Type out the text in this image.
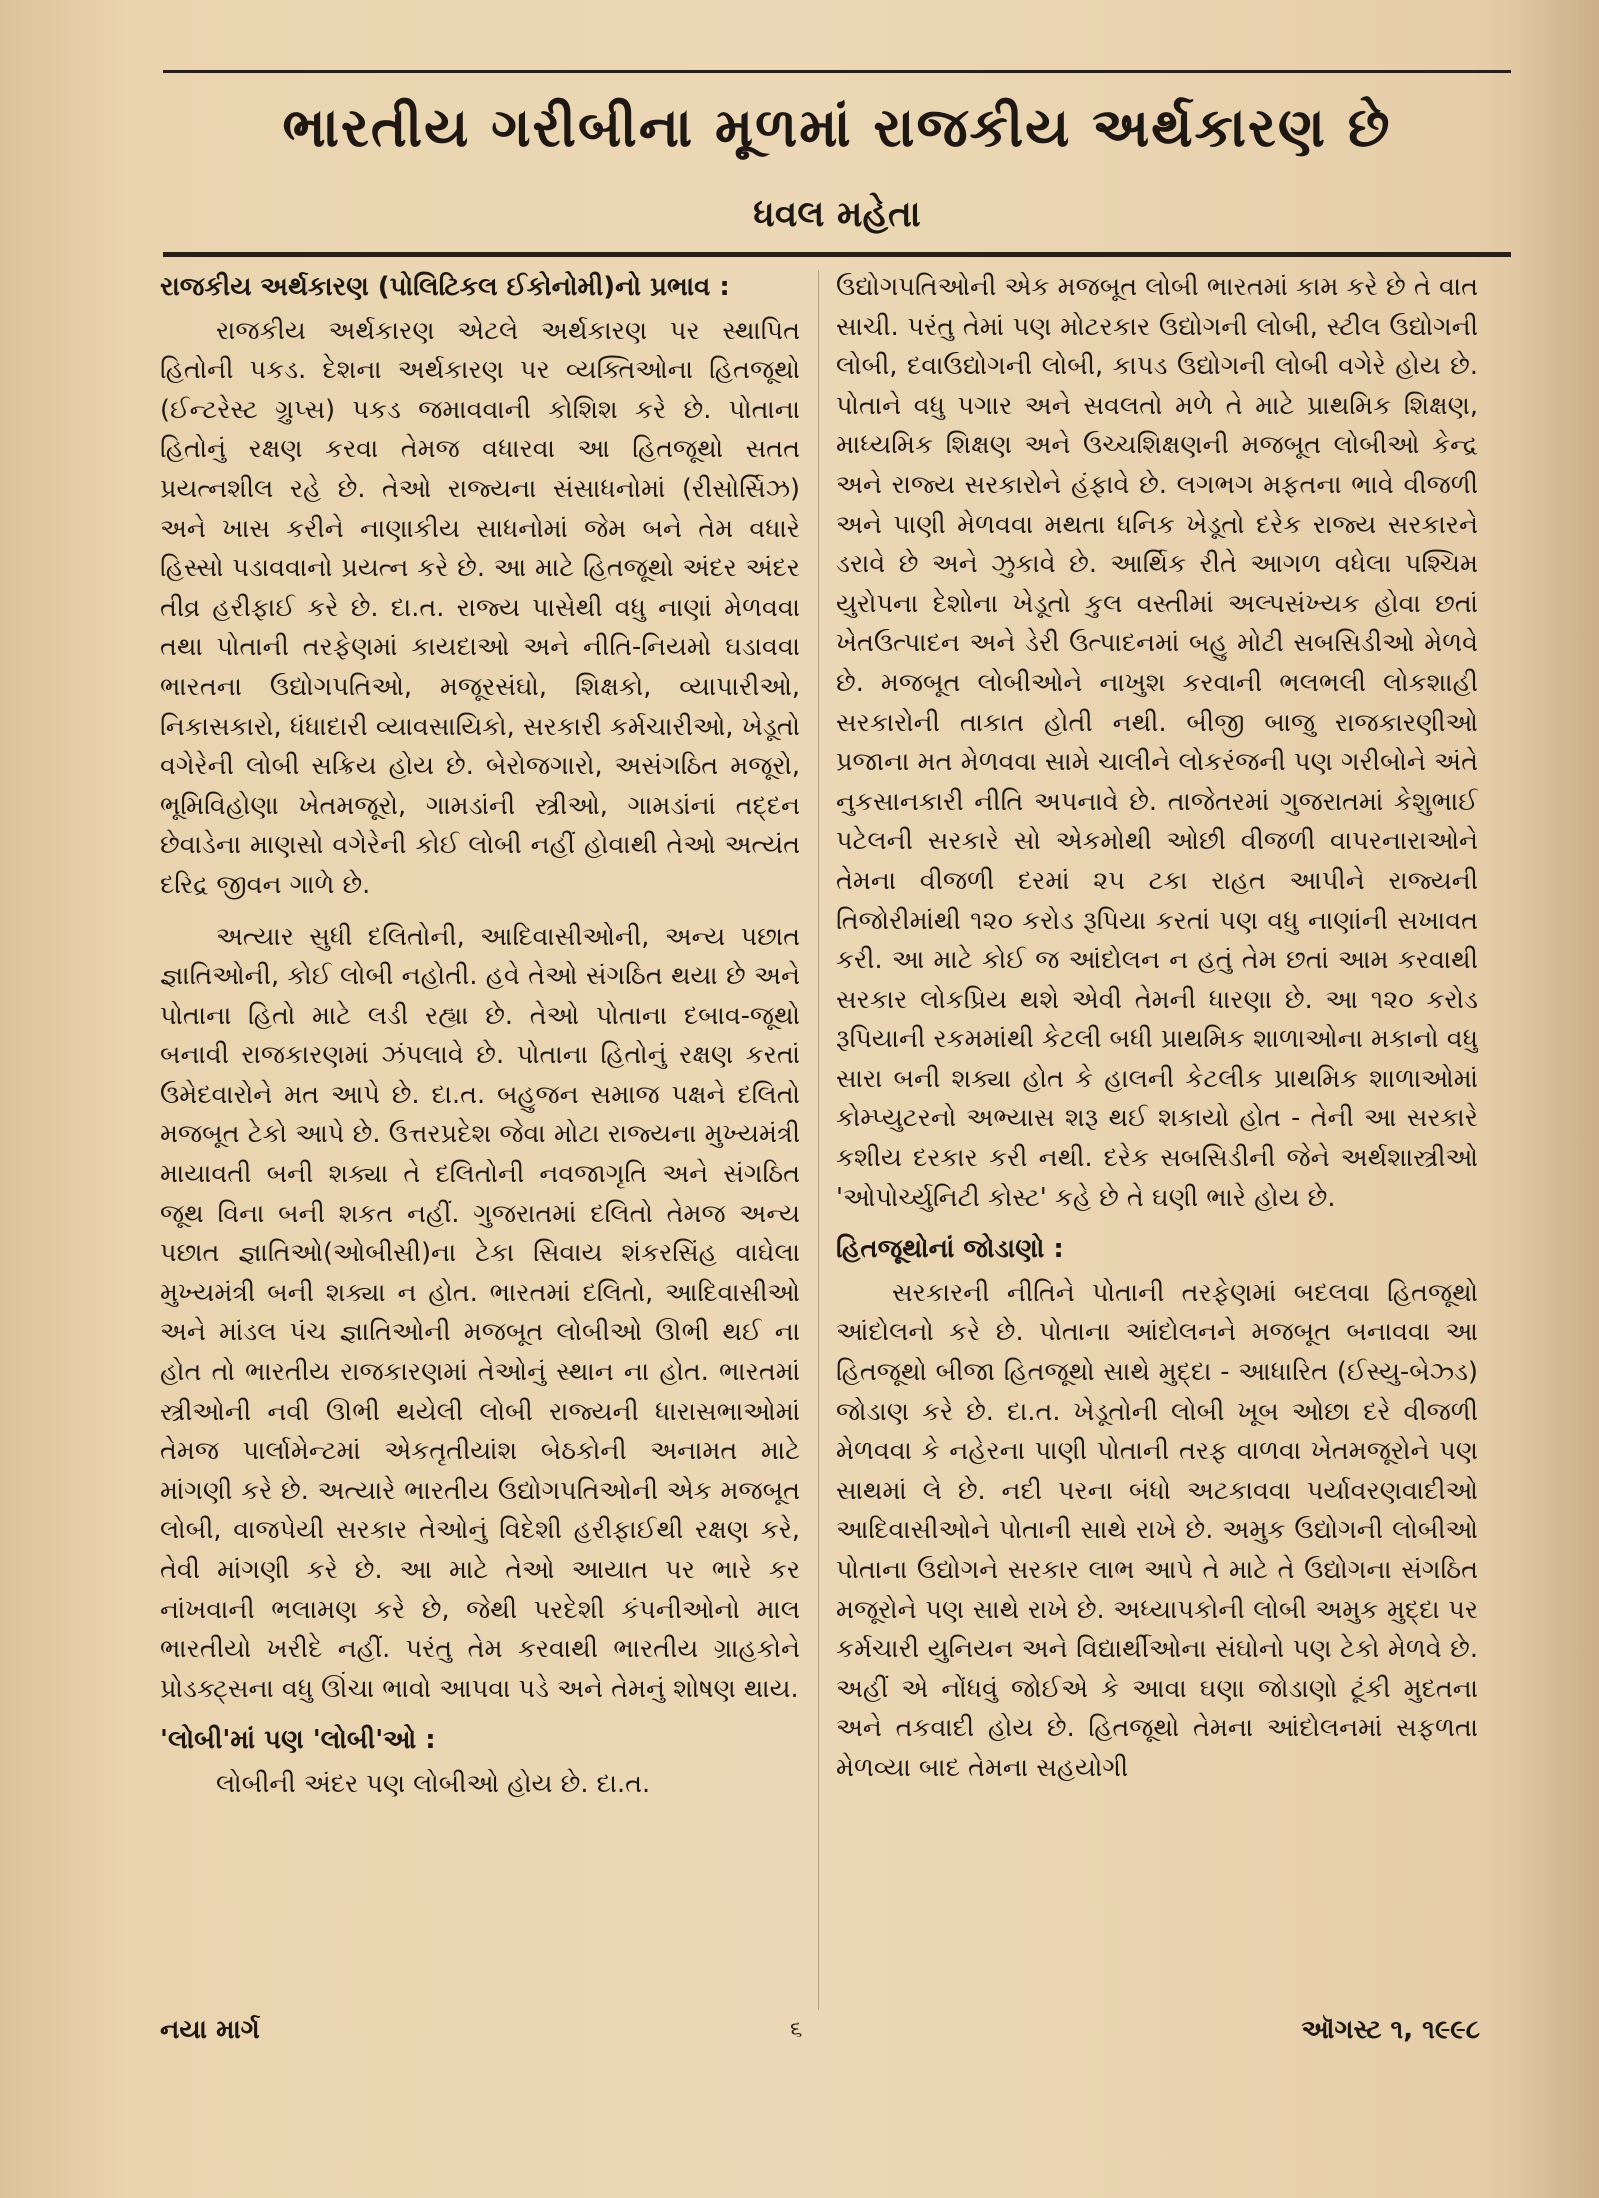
ભારતીય ગરીબીના મૂળમાં રાજકીય અર્થકારણ છે
ધવલ મહેતા

રાજકીય અર્થકારણ (પોલિટિકલ ઈકોનોમી)નો પ્રભાવ :

રાજકીય અર્થકારણ એટલે અર્થકારણ પર સ્થાપિત હિતોની પકડ. દેશના અર્થકારણ પર વ્યક્તિઓના હિતજૂથો (ઈન્ટરેસ્ટ ગ્રુપ્સ) પકડ જમાવવાની કોશિશ કરે છે. પોતાના હિતોનું રક્ષણ કરવા તેમજ વધારવા આ હિતજૂથો સતત પ્રયત્નશીલ રહે છે. તેઓ રાજ્યના સંસાધનોમાં (રીસોર્સિઝ) અને ખાસ કરીને નાણાકીય સાધનોમાં જેમ બને તેમ વધારે હિસ્સો પડાવવાનો પ્રયત્ન કરે છે. આ માટે હિતજૂથો અંદર અંદર તીવ્ર હરીફાઈ કરે છે. દા.ત. રાજ્ય પાસેથી વધુ નાણાં મેળવવા તથા પોતાની તરફેણમાં કાયદાઓ અને નીતિ-નિયમો ઘડાવવા ભારતના ઉદ્યોગપતિઓ, મજૂરસંઘો, શિક્ષકો, વ્યાપારીઓ, નિકાસકારો, ધંધાદારી વ્યાવસાયિકો, સરકારી કર્મચારીઓ, ખેડૂતો વગેરેની લોબી સક્રિય હોય છે. બેરોજગારો, અસંગઠિત મજૂરો, ભૂમિવિહોણા ખેતમજૂરો, ગામડાંની સ્ત્રીઓ, ગામડાંનાં તદ્દન છેવાડેના માણસો વગેરેની કોઈ લોબી નહીં હોવાથી તેઓ અત્યંત દરિદ્ર જીવન ગાળે છે.

અત્યાર સુધી દલિતોની, આદિવાસીઓની, અન્ય પછાત જ્ઞાતિઓની, કોઈ લોબી નહોતી. હવે તેઓ સંગઠિત થયા છે અને પોતાના હિતો માટે લડી રહ્યા છે. તેઓ પોતાના દબાવ-જૂથો બનાવી રાજકારણમાં ઝંપલાવે છે. પોતાના હિતોનું રક્ષણ કરતાં ઉમેદવારોને મત આપે છે. દા.ત. બહુજન સમાજ પક્ષને દલિતો મજબૂત ટેકો આપે છે. ઉત્તરપ્રદેશ જેવા મોટા રાજ્યના મુખ્યમંત્રી માયાવતી બની શક્યા તે દલિતોની નવજાગૃતિ અને સંગઠિત જૂથ વિના બની શકત નહીં. ગુજરાતમાં દલિતો તેમજ અન્ય પછાત જ્ઞાતિઓ(ઓબીસી)ના ટેકા સિવાય શંકરસિંહ વાઘેલા મુખ્યમંત્રી બની શક્યા ન હોત. ભારતમાં દલિતો, આદિવાસીઓ અને માંડલ પંચ જ્ઞાતિઓની મજબૂત લોબીઓ ઊભી થઈ ના હોત તો ભારતીય રાજકારણમાં તેઓનું સ્થાન ના હોત. ભારતમાં સ્ત્રીઓની નવી ઊભી થયેલી લોબી રાજ્યની ધારાસભાઓમાં તેમજ પાર્લામેન્ટમાં એકતૃતીયાંશ બેઠકોની અનામત માટે માંગણી કરે છે. અત્યારે ભારતીય ઉદ્યોગપતિઓની એક મજબૂત લોબી, વાજપેયી સરકાર તેઓનું વિદેશી હરીફાઈથી રક્ષણ કરે, તેવી માંગણી કરે છે. આ માટે તેઓ આયાત પર ભારે કર નાંખવાની ભલામણ કરે છે, જેથી પરદેશી કંપનીઓનો માલ ભારતીયો ખરીદે નહીં. પરંતુ તેમ કરવાથી ભારતીય ગ્રાહકોને પ્રોડક્ટ્સના વધુ ઊંચા ભાવો આપવા પડે અને તેમનું શોષણ થાય.

'લોબી'માં પણ 'લોબી'ઓ :

લોબીની અંદર પણ લોબીઓ હોય છે. દા.ત.

ઉદ્યોગપતિઓની એક મજબૂત લોબી ભારતમાં કામ કરે છે તે વાત સાચી. પરંતુ તેમાં પણ મોટરકાર ઉદ્યોગની લોબી, સ્ટીલ ઉદ્યોગની લોબી, દવાઉદ્યોગની લોબી, કાપડ ઉદ્યોગની લોબી વગેરે હોય છે. પોતાને વધુ પગાર અને સવલતો મળે તે માટે પ્રાથમિક શિક્ષણ, માધ્યમિક શિક્ષણ અને ઉચ્ચશિક્ષણની મજબૂત લોબીઓ કેન્દ્ર અને રાજ્ય સરકારોને હંફાવે છે. લગભગ મફતના ભાવે વીજળી અને પાણી મેળવવા મથતા ધનિક ખેડૂતો દરેક રાજ્ય સરકારને ડરાવે છે અને ઝુકાવે છે. આર્થિક રીતે આગળ વધેલા પશ્ચિમ યુરોપના દેશોના ખેડૂતો કુલ વસ્તીમાં અલ્પસંખ્યક હોવા છતાં ખેતઉત્પાદન અને ડેરી ઉત્પાદનમાં બહુ મોટી સબસિડીઓ મેળવે છે. મજબૂત લોબીઓને નાખુશ કરવાની ભલભલી લોકશાહી સરકારોની તાકાત હોતી નથી. બીજી બાજુ રાજકારણીઓ પ્રજાના મત મેળવવા સામે ચાલીને લોકરંજની પણ ગરીબોને અંતે નુકસાનકારી નીતિ અપનાવે છે. તાજેતરમાં ગુજરાતમાં કેશુભાઈ પટેલની સરકારે સો એકમોથી ઓછી વીજળી વાપરનારાઓને તેમના વીજળી દરમાં ૨૫ ટકા રાહત આપીને રાજ્યની તિજોરીમાંથી ૧૨૦ કરોડ રૂપિયા કરતાં પણ વધુ નાણાંની સખાવત કરી. આ માટે કોઈ જ આંદોલન ન હતું તેમ છતાં આમ કરવાથી સરકાર લોકપ્રિય થશે એવી તેમની ધારણા છે. આ ૧૨૦ કરોડ રૂપિયાની રકમમાંથી કેટલી બધી પ્રાથમિક શાળાઓના મકાનો વધુ સારા બની શક્યા હોત કે હાલની કેટલીક પ્રાથમિક શાળાઓમાં કોમ્પ્યુટરનો અભ્યાસ શરૂ થઈ શકાયો હોત - તેની આ સરકારે કશીય દરકાર કરી નથી. દરેક સબસિડીની જેને અર્થશાસ્ત્રીઓ 'ઓપોર્ચ્યુનિટી કોસ્ટ' કહે છે તે ઘણી ભારે હોય છે.

હિતજૂથોનાં જોડાણો :

સરકારની નીતિને પોતાની તરફેણમાં બદલવા હિતજૂથો આંદોલનો કરે છે. પોતાના આંદોલનને મજબૂત બનાવવા આ હિતજૂથો બીજા હિતજૂથો સાથે મુદ્દા - આધારિત (ઈસ્યુ-બેઝ્ડ) જોડાણ કરે છે. દા.ત. ખેડૂતોની લોબી ખૂબ ઓછા દરે વીજળી મેળવવા કે નહેરના પાણી પોતાની તરફ વાળવા ખેતમજૂરોને પણ સાથમાં લે છે. નદી પરના બંધો અટકાવવા પર્યાવરણવાદીઓ આદિવાસીઓને પોતાની સાથે રાખે છે. અમુક ઉદ્યોગની લોબીઓ પોતાના ઉદ્યોગને સરકાર લાભ આપે તે માટે તે ઉદ્યોગના સંગઠિત મજૂરોને પણ સાથે રાખે છે. અધ્યાપકોની લોબી અમુક મુદ્દા પર કર્મચારી યુનિયન અને વિદ્યાર્થીઓના સંઘોનો પણ ટેકો મેળવે છે. અહીં એ નોંધવું જોઈએ કે આવા ઘણા જોડાણો ટૂંકી મુદતના અને તકવાદી હોય છે. હિતજૂથો તેમના આંદોલનમાં સફળતા મેળવ્યા બાદ તેમના સહયોગી

નયા માર્ગ	૬	ઑગસ્ટ ૧, ૧૯૯૮
